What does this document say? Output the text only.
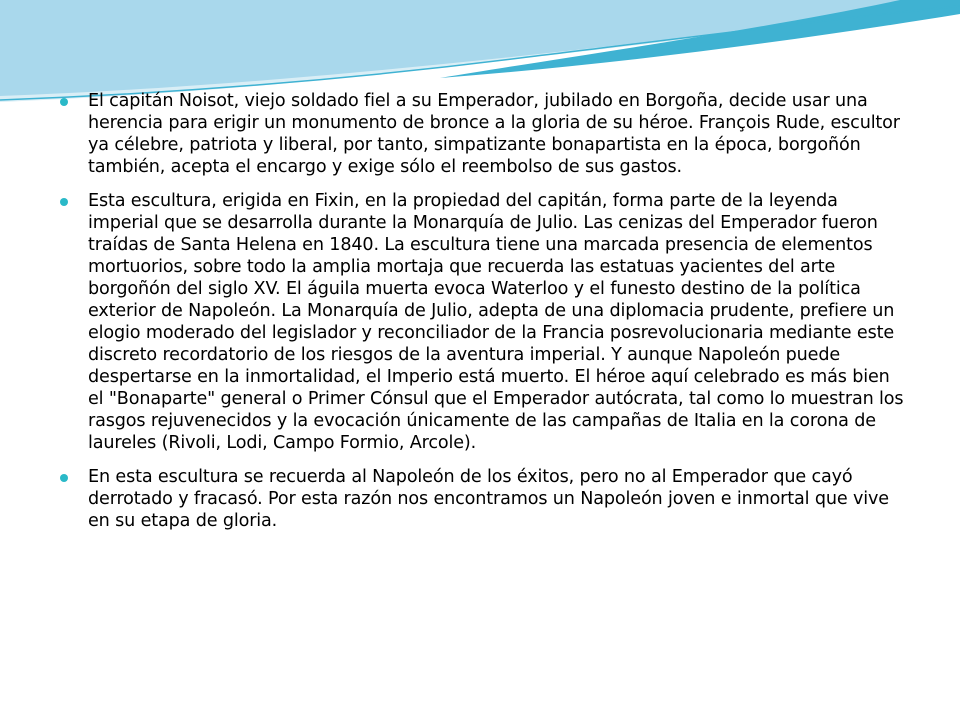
El capitán Noisot, viejo soldado fiel a su Emperador, jubilado en Borgoña, decide usar una herencia para erigir un monumento de bronce a la gloria de su héroe. François Rude, escultor ya célebre, patriota y liberal, por tanto, simpatizante bonapartista en la época, borgoñón también, acepta el encargo y exige sólo el reembolso de sus gastos.
Esta escultura, erigida en Fixin, en la propiedad del capitán, forma parte de la leyenda imperial que se desarrolla durante la Monarquía de Julio. Las cenizas del Emperador fueron traídas de Santa Helena en 1840. La escultura tiene una marcada presencia de elementos mortuorios, sobre todo la amplia mortaja que recuerda las estatuas yacientes del arte borgoñón del siglo XV. El águila muerta evoca Waterloo y el funesto destino de la política exterior de Napoleón. La Monarquía de Julio, adepta de una diplomacia prudente, prefiere un elogio moderado del legislador y reconciliador de la Francia posrevolucionaria mediante este discreto recordatorio de los riesgos de la aventura imperial. Y aunque Napoleón puede despertarse en la inmortalidad, el Imperio está muerto. El héroe aquí celebrado es más bien el "Bonaparte" general o Primer Cónsul que el Emperador autócrata, tal como lo muestran los rasgos rejuvenecidos y la evocación únicamente de las campañas de Italia en la corona de laureles (Rivoli, Lodi, Campo Formio, Arcole).
En esta escultura se recuerda al Napoleón de los éxitos, pero no al Emperador que cayó derrotado y fracasó. Por esta razón nos encontramos un Napoleón joven e inmortal que vive en su etapa de gloria.
